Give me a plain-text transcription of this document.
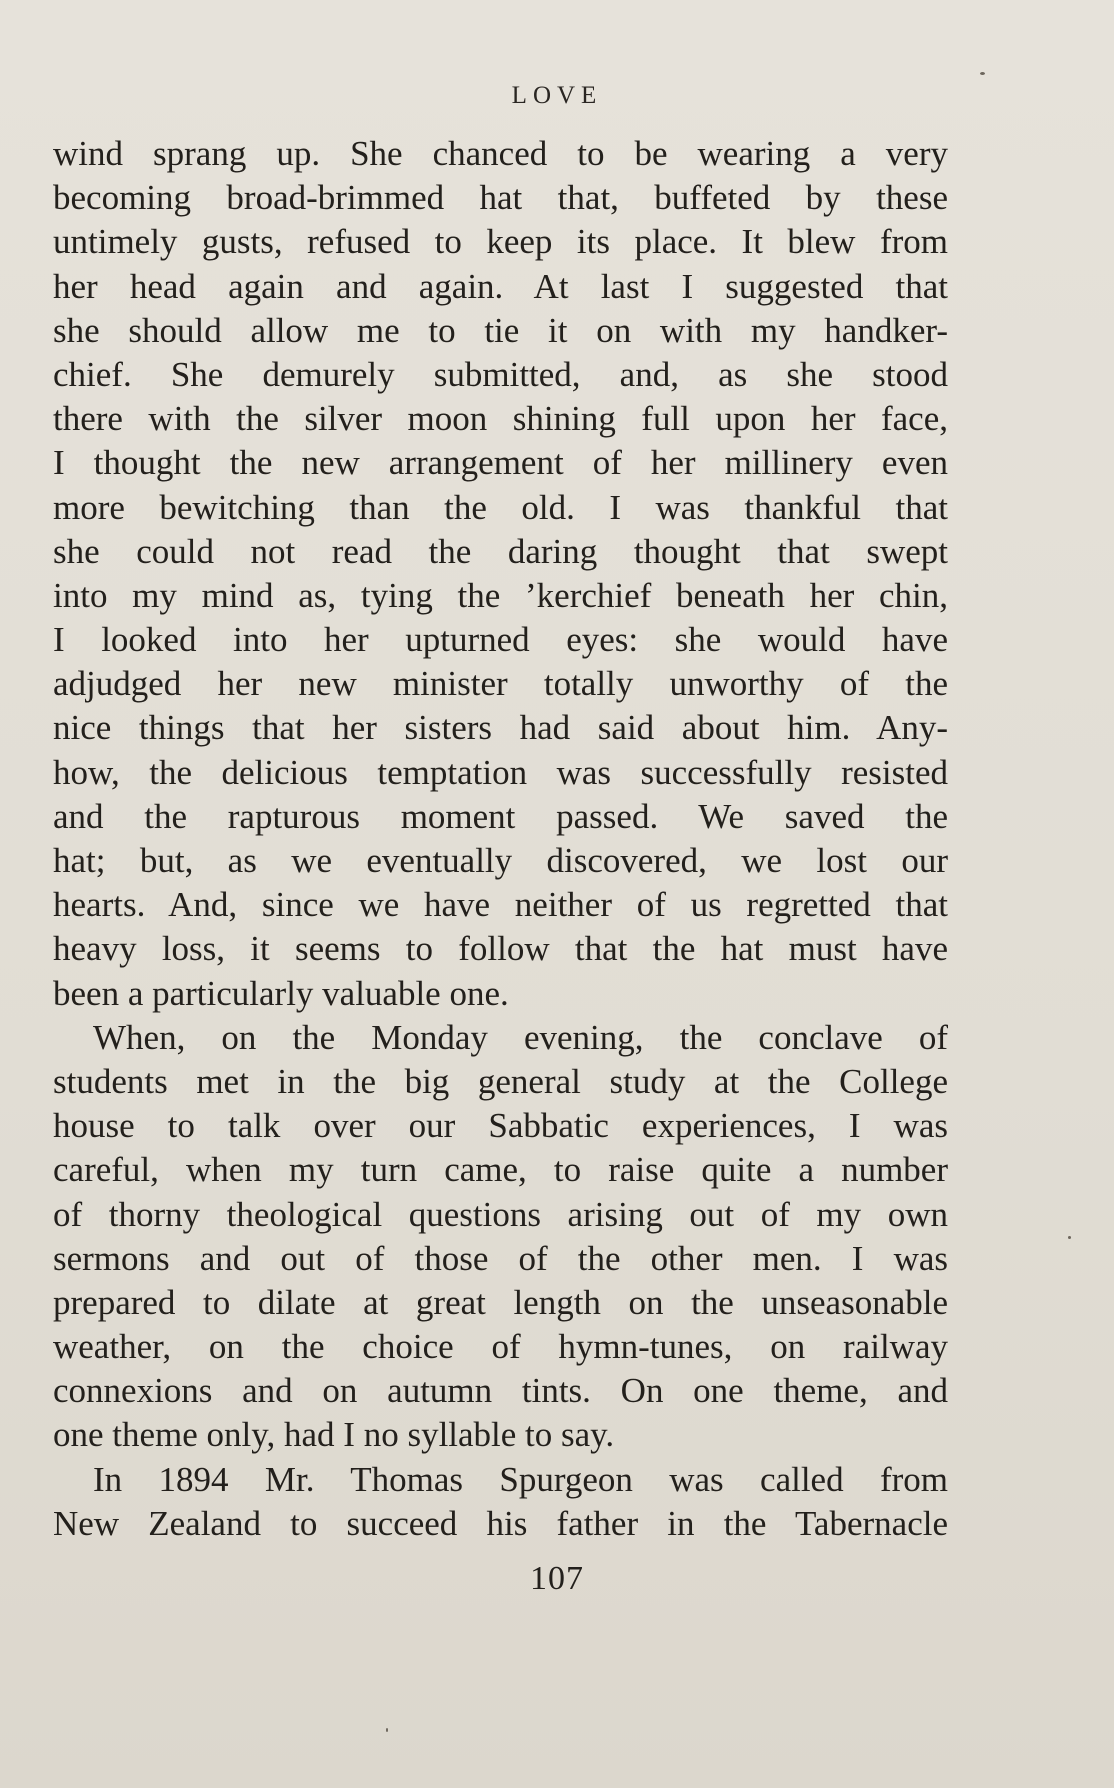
LOVE
wind sprang up. She chanced to be wearing a very
becoming broad-brimmed hat that, buffeted by these
untimely gusts, refused to keep its place. It blew from
her head again and again. At last I suggested that
she should allow me to tie it on with my handker-
chief. She demurely submitted, and, as she stood
there with the silver moon shining full upon her face,
I thought the new arrangement of her millinery even
more bewitching than the old. I was thankful that
she could not read the daring thought that swept
into my mind as, tying the ’kerchief beneath her chin,
I looked into her upturned eyes: she would have
adjudged her new minister totally unworthy of the
nice things that her sisters had said about him. Any-
how, the delicious temptation was successfully resisted
and the rapturous moment passed. We saved the
hat; but, as we eventually discovered, we lost our
hearts. And, since we have neither of us regretted that
heavy loss, it seems to follow that the hat must have
been a particularly valuable one.
When, on the Monday evening, the conclave of
students met in the big general study at the College
house to talk over our Sabbatic experiences, I was
careful, when my turn came, to raise quite a number
of thorny theological questions arising out of my own
sermons and out of those of the other men. I was
prepared to dilate at great length on the unseasonable
weather, on the choice of hymn-tunes, on railway
connexions and on autumn tints. On one theme, and
one theme only, had I no syllable to say.
In 1894 Mr. Thomas Spurgeon was called from
New Zealand to succeed his father in the Tabernacle
107
